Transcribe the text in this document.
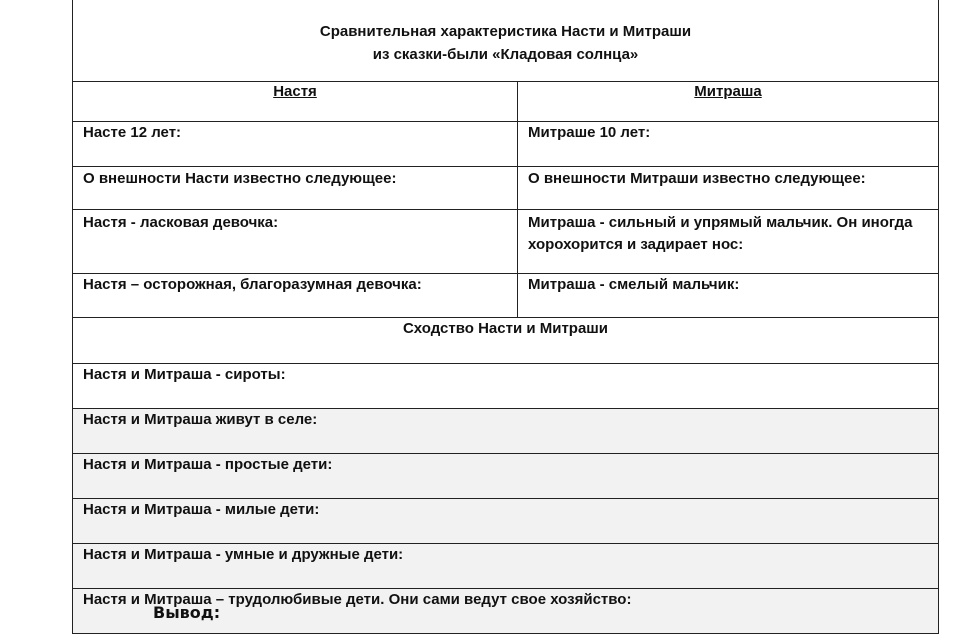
Сравнительная характеристика Насти и Митраши
из сказки-были «Кладовая солнца»	

Настя	Митраша
Насте 12 лет:	Митраше 10 лет:
О внешности Насти известно следующее:	О внешности Митраши известно следующее:
Настя - ласковая девочка:	Митраша - сильный и упрямый мальчик. Он иногда хорохорится и задирает нос:
Настя – осторожная, благоразумная девочка:	Митраша - смелый мальчик:
Сходство Насти и Митраши	
Настя и Митраша - сироты:	
Настя и Митраша живут в селе:	
Настя и Митраша - простые дети:	
Настя и Митраша - милые дети:	
Настя и Митраша - умные и дружные дети:	
Настя и Митраша – трудолюбивые дети. Они сами ведут свое хозяйство:	
Вывод:
